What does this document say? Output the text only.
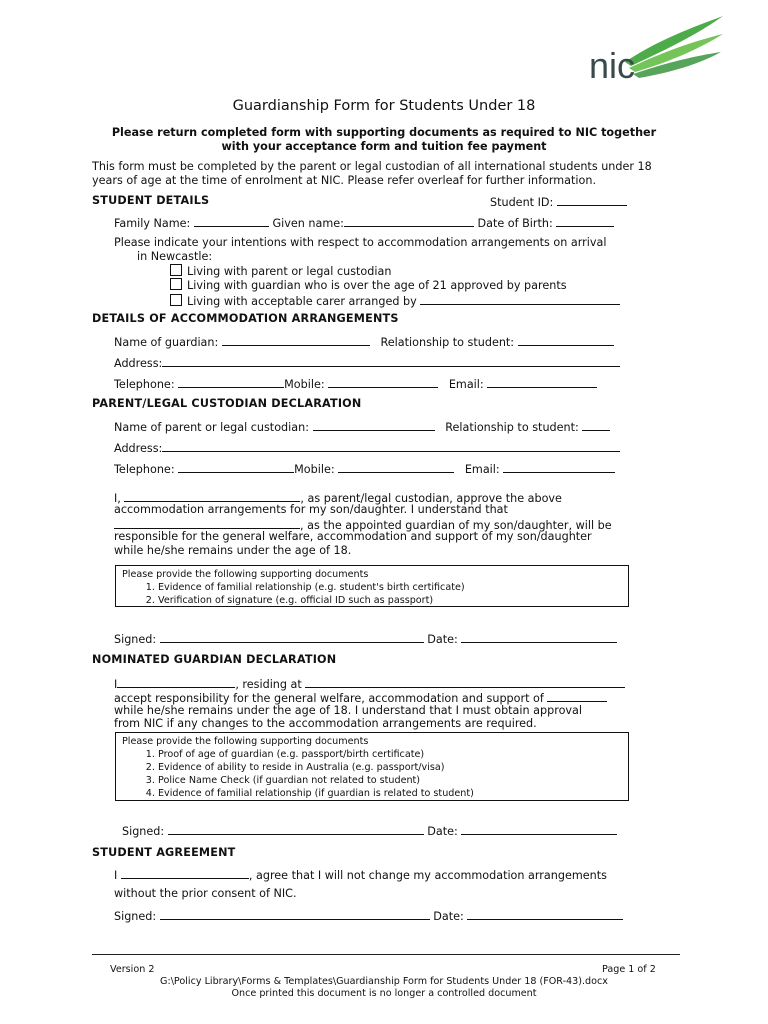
nic
Guardianship Form for Students Under 18
Please return completed form with supporting documents as required to NIC together
with your acceptance form and tuition fee payment
This form must be completed by the parent or legal custodian of all international students under 18
years of age at the time of enrolment at NIC. Please refer overleaf for further information.
STUDENT DETAILS	Student ID:
Family Name:	Given name:	Date of Birth:
Please indicate your intentions with respect to accommodation arrangements on arrival
in Newcastle:
Living with parent or legal custodian
Living with guardian who is over the age of 21 approved by parents
Living with acceptable carer arranged by
DETAILS OF ACCOMMODATION ARRANGEMENTS
Name of guardian:	Relationship to student:
Address:
Telephone:	Mobile:	Email:
PARENT/LEGAL CUSTODIAN DECLARATION
Name of parent or legal custodian:	Relationship to student:
Address:
Telephone:	Mobile:	Email:
I,	, as parent/legal custodian, approve the above
accommodation arrangements for my son/daughter. I understand that
, as the appointed guardian of my son/daughter, will be
responsible for the general welfare, accommodation and support of my son/daughter
while he/she remains under the age of 18.
Please provide the following supporting documents
1. Evidence of familial relationship (e.g. student's birth certificate)
2. Verification of signature (e.g. official ID such as passport)
Signed:	Date:
NOMINATED GUARDIAN DECLARATION
I	, residing at
accept responsibility for the general welfare, accommodation and support of
while he/she remains under the age of 18. I understand that I must obtain approval
from NIC if any changes to the accommodation arrangements are required.
Please provide the following supporting documents
1. Proof of age of guardian (e.g. passport/birth certificate)
2. Evidence of ability to reside in Australia (e.g. passport/visa)
3. Police Name Check (if guardian not related to student)
4. Evidence of familial relationship (if guardian is related to student)
Signed:	Date:
STUDENT AGREEMENT
I	, agree that I will not change my accommodation arrangements
without the prior consent of NIC.
Signed:	Date:
Version 2	Page 1 of 2
G:\Policy Library\Forms & Templates\Guardianship Form for Students Under 18 (FOR-43).docx
Once printed this document is no longer a controlled document
